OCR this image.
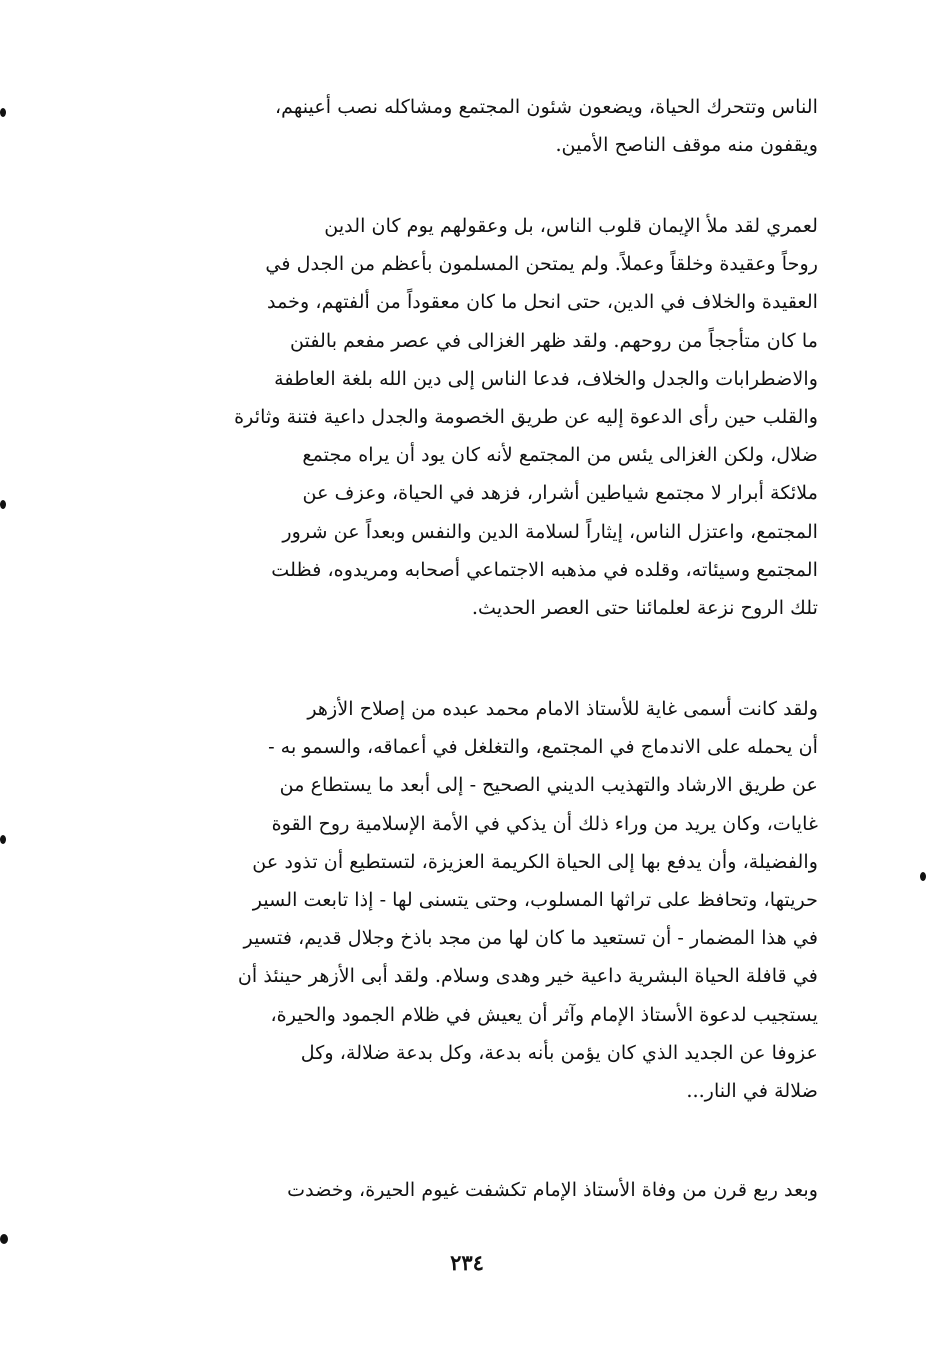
الناس وتتحرك الحياة، ويضعون شئون المجتمع ومشاكله نصب أعينهم،
ويقفون منه موقف الناصح الأمين.
لعمري لقد ملأ الإيمان قلوب الناس، بل وعقولهم يوم كان الدين
روحاً وعقيدة وخلقاً وعملاً. ولم يمتحن المسلمون بأعظم من الجدل في
العقيدة والخلاف في الدين، حتى انحل ما كان معقوداً من ألفتهم، وخمد
ما كان متأججاً من روحهم. ولقد ظهر الغزالى في عصر مفعم بالفتن
والاضطرابات والجدل والخلاف، فدعا الناس إلى دين الله بلغة العاطفة
والقلب حين رأى الدعوة إليه عن طريق الخصومة والجدل داعية فتنة وثائرة
ضلال، ولكن الغزالى يئس من المجتمع لأنه كان يود أن يراه مجتمع
ملائكة أبرار لا مجتمع شياطين أشرار، فزهد في الحياة، وعزف عن
المجتمع، واعتزل الناس، إيثاراً لسلامة الدين والنفس وبعداً عن شرور
المجتمع وسيئاته، وقلده في مذهبه الاجتماعي أصحابه ومريدوه، فظلت
تلك الروح نزعة لعلمائنا حتى العصر الحديث.
ولقد كانت أسمى غاية للأستاذ الامام محمد عبده من إصلاح الأزهر
أن يحمله على الاندماج في المجتمع، والتغلغل في أعماقه، والسمو به -
عن طريق الارشاد والتهذيب الديني الصحيح - إلى أبعد ما يستطاع من
غايات، وكان يريد من وراء ذلك أن يذكي في الأمة الإسلامية روح القوة
والفضيلة، وأن يدفع بها إلى الحياة الكريمة العزيزة، لتستطيع أن تذود عن
حريتها، وتحافظ على تراثها المسلوب، وحتى يتسنى لها - إذا تابعت السير
في هذا المضمار - أن تستعيد ما كان لها من مجد باذخ وجلال قديم، فتسير
في قافلة الحياة البشرية داعية خير وهدى وسلام. ولقد أبى الأزهر حينئذ أن
يستجيب لدعوة الأستاذ الإمام وآثر أن يعيش في ظلام الجمود والحيرة،
عزوفا عن الجديد الذي كان يؤمن بأنه بدعة، وكل بدعة ضلالة، وكل
ضلالة في النار...
وبعد ربع قرن من وفاة الأستاذ الإمام تكشفت غيوم الحيرة، وخضدت
٢٣٤
